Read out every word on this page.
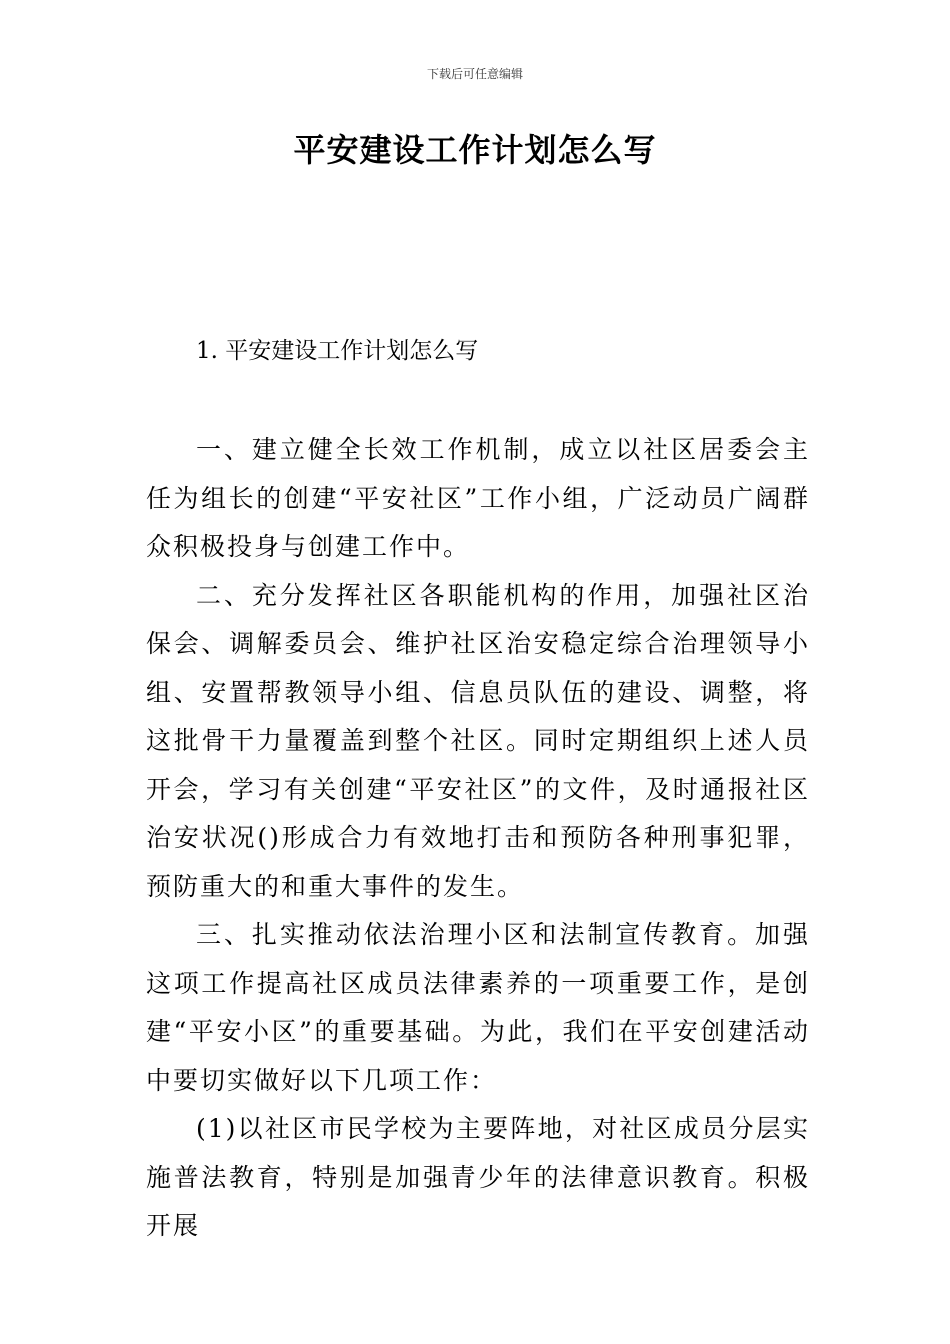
下载后可任意编辑
平安建设工作计划怎么写
1. 平安建设工作计划怎么写

一、建立健全长效工作机制，成立以社区居委会主任为组长的创建“平安社区”工作小组，广泛动员广阔群众积极投身与创建工作中。

二、充分发挥社区各职能机构的作用，加强社区治保会、调解委员会、维护社区治安稳定综合治理领导小组、安置帮教领导小组、信息员队伍的建设、调整，将这批骨干力量覆盖到整个社区。同时定期组织上述人员开会，学习有关创建“平安社区”的文件，及时通报社区治安状况()形成合力有效地打击和预防各种刑事犯罪，预防重大的和重大事件的发生。

三、扎实推动依法治理小区和法制宣传教育。加强这项工作提高社区成员法律素养的一项重要工作，是创建“平安小区”的重要基础。为此，我们在平安创建活动中要切实做好以下几项工作：

(1)以社区市民学校为主要阵地，对社区成员分层实施普法教育，特别是加强青少年的法律意识教育。积极开展
